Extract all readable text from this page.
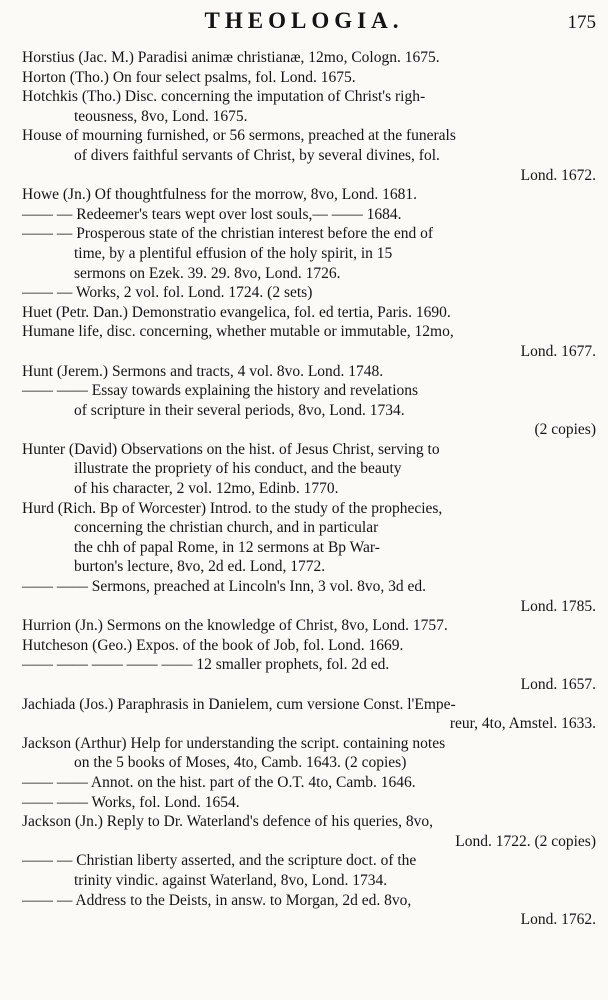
THEOLOGIA.	175
Horstius (Jac. M.) Paradisi animæ christianæ, 12mo, Cologn. 1675.
Horton (Tho.) On four select psalms, fol. Lond. 1675.
Hotchkis (Tho.) Disc. concerning the imputation of Christ's righ-
teousness, 8vo, Lond. 1675.
House of mourning furnished, or 56 sermons, preached at the funerals
of divers faithful servants of Christ, by several divines, fol.
Lond. 1672.
Howe (Jn.) Of thoughtfulness for the morrow, 8vo, Lond. 1681.
—— — Redeemer's tears wept over lost souls,— —— 1684.
—— — Prosperous state of the christian interest before the end of
time, by a plentiful effusion of the holy spirit, in 15
sermons on Ezek. 39. 29. 8vo, Lond. 1726.
—— — Works, 2 vol. fol. Lond. 1724. (2 sets)
Huet (Petr. Dan.) Demonstratio evangelica, fol. ed tertia, Paris. 1690.
Humane life, disc. concerning, whether mutable or immutable, 12mo,
Lond. 1677.
Hunt (Jerem.) Sermons and tracts, 4 vol. 8vo. Lond. 1748.
—— —— Essay towards explaining the history and revelations
of scripture in their several periods, 8vo, Lond. 1734.
(2 copies)
Hunter (David) Observations on the hist. of Jesus Christ, serving to
illustrate the propriety of his conduct, and the beauty
of his character, 2 vol. 12mo, Edinb. 1770.
Hurd (Rich. Bp of Worcester) Introd. to the study of the prophecies,
concerning the christian church, and in particular
the chh of papal Rome, in 12 sermons at Bp War-
burton's lecture, 8vo, 2d ed. Lond, 1772.
—— —— Sermons, preached at Lincoln's Inn, 3 vol. 8vo, 3d ed.
Lond. 1785.
Hurrion (Jn.) Sermons on the knowledge of Christ, 8vo, Lond. 1757.
Hutcheson (Geo.) Expos. of the book of Job, fol. Lond. 1669.
—— —— —— —— —— 12 smaller prophets, fol. 2d ed.
Lond. 1657.
Jachiada (Jos.) Paraphrasis in Danielem, cum versione Const. l'Empe-
reur, 4to, Amstel. 1633.
Jackson (Arthur) Help for understanding the script. containing notes
on the 5 books of Moses, 4to, Camb. 1643. (2 copies)
—— —— Annot. on the hist. part of the O.T. 4to, Camb. 1646.
—— —— Works, fol. Lond. 1654.
Jackson (Jn.) Reply to Dr. Waterland's defence of his queries, 8vo,
Lond. 1722. (2 copies)
—— — Christian liberty asserted, and the scripture doct. of the
trinity vindic. against Waterland, 8vo, Lond. 1734.
—— — Address to the Deists, in answ. to Morgan, 2d ed. 8vo,
Lond. 1762.
